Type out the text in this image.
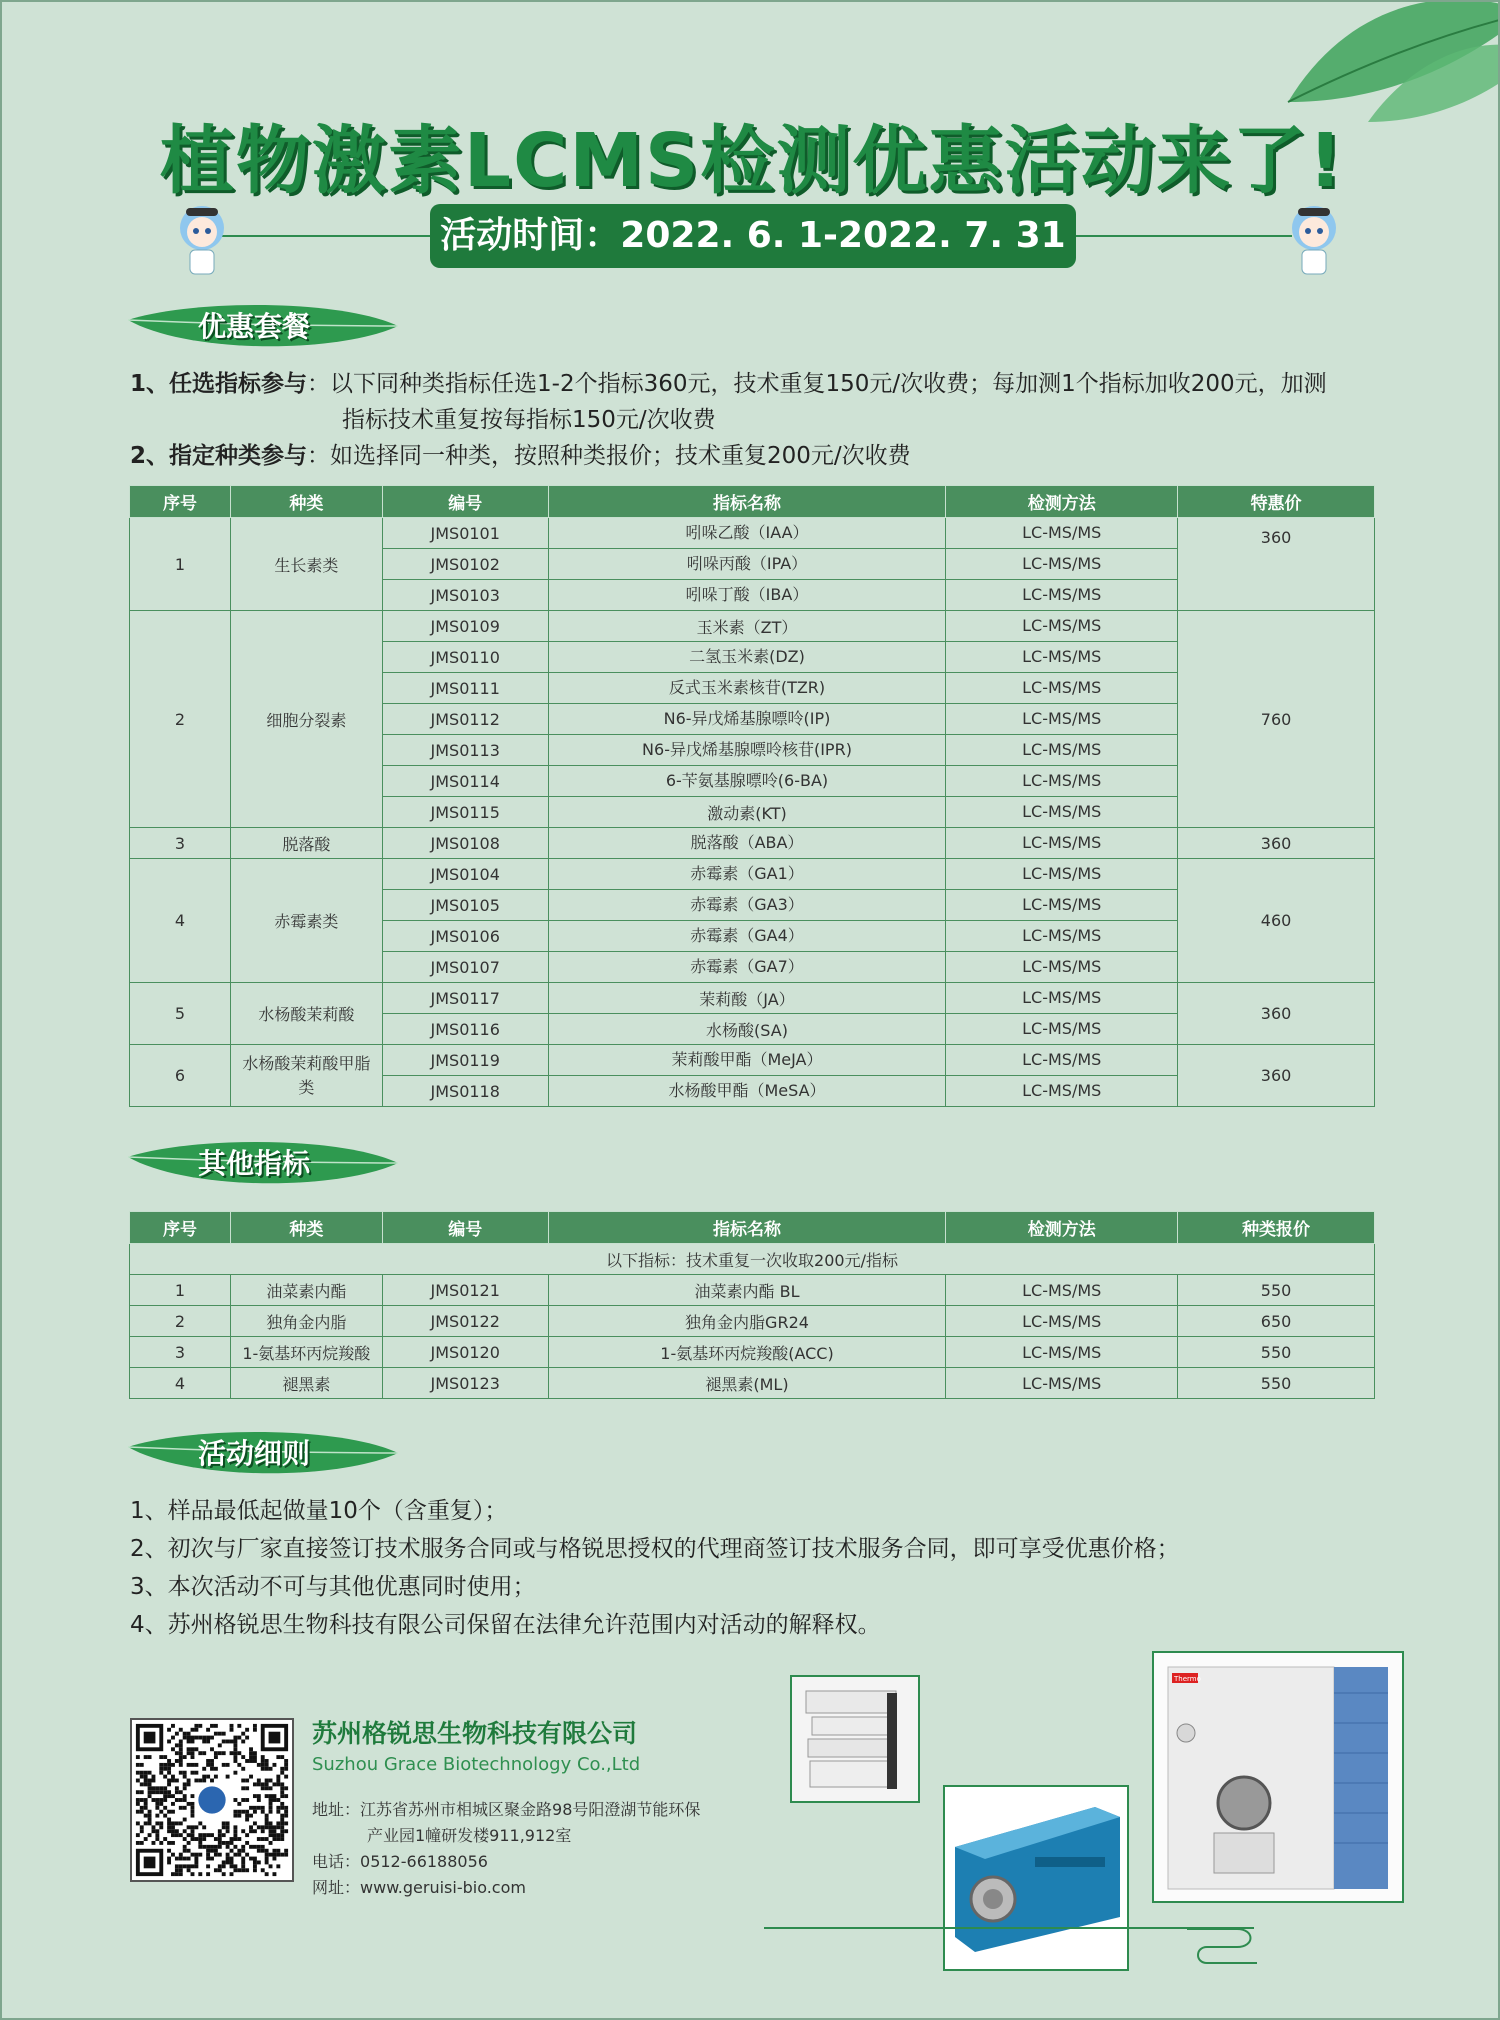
植物激素LCMS检测优惠活动来了!
活动时间：2022. 6. 1-2022. 7. 31
优惠套餐
1、任选指标参与：以下同种类指标任选1-2个指标360元，技术重复150元/次收费；每加测1个指标加收200元，加测
指标技术重复按每指标150元/次收费
2、指定种类参与：如选择同一种类，按照种类报价；技术重复200元/次收费
序号	种类	编号	指标名称	检测方法	特惠价
1	生长素类	JMS0101	吲哚乙酸（IAA）	LC-MS/MS	360
		JMS0102	吲哚丙酸（IPA）	LC-MS/MS	
		JMS0103	吲哚丁酸（IBA）	LC-MS/MS	
2	细胞分裂素	JMS0109	玉米素（ZT）	LC-MS/MS	760
		JMS0110	二氢玉米素(DZ)	LC-MS/MS	
		JMS0111	反式玉米素核苷(TZR)	LC-MS/MS	
		JMS0112	N6-异戊烯基腺嘌呤(IP)	LC-MS/MS	
		JMS0113	N6-异戊烯基腺嘌呤核苷(IPR)	LC-MS/MS	
		JMS0114	6-苄氨基腺嘌呤(6-BA)	LC-MS/MS	
		JMS0115	激动素(KT)	LC-MS/MS	
3	脱落酸	JMS0108	脱落酸（ABA）	LC-MS/MS	360
4	赤霉素类	JMS0104	赤霉素（GA1）	LC-MS/MS	460
		JMS0105	赤霉素（GA3）	LC-MS/MS	
		JMS0106	赤霉素（GA4）	LC-MS/MS	
		JMS0107	赤霉素（GA7）	LC-MS/MS	
5	水杨酸茉莉酸	JMS0117	茉莉酸（JA）	LC-MS/MS	360
		JMS0116	水杨酸(SA)	LC-MS/MS	
6	水杨酸茉莉酸甲脂类	JMS0119	茉莉酸甲酯（MeJA）	LC-MS/MS	360
		JMS0118	水杨酸甲酯（MeSA）	LC-MS/MS	
其他指标
序号	种类	编号	指标名称	检测方法	种类报价
以下指标：技术重复一次收取200元/指标					
1	油菜素内酯	JMS0121	油菜素内酯 BL	LC-MS/MS	550
2	独角金内脂	JMS0122	独角金内脂GR24	LC-MS/MS	650
3	1-氨基环丙烷羧酸	JMS0120	1-氨基环丙烷羧酸(ACC)	LC-MS/MS	550
4	褪黑素	JMS0123	褪黑素(ML)	LC-MS/MS	550
活动细则
1、样品最低起做量10个（含重复）；
2、初次与厂家直接签订技术服务合同或与格锐思授权的代理商签订技术服务合同，即可享受优惠价格；
3、本次活动不可与其他优惠同时使用；
4、苏州格锐思生物科技有限公司保留在法律允许范围内对活动的解释权。
苏州格锐思生物科技有限公司
Suzhou Grace Biotechnology Co.,Ltd
地址：江苏省苏州市相城区聚金路98号阳澄湖节能环保
产业园1幢研发楼911,912室
电话：0512-66188056
网址：www.geruisi-bio.com
Thermo
